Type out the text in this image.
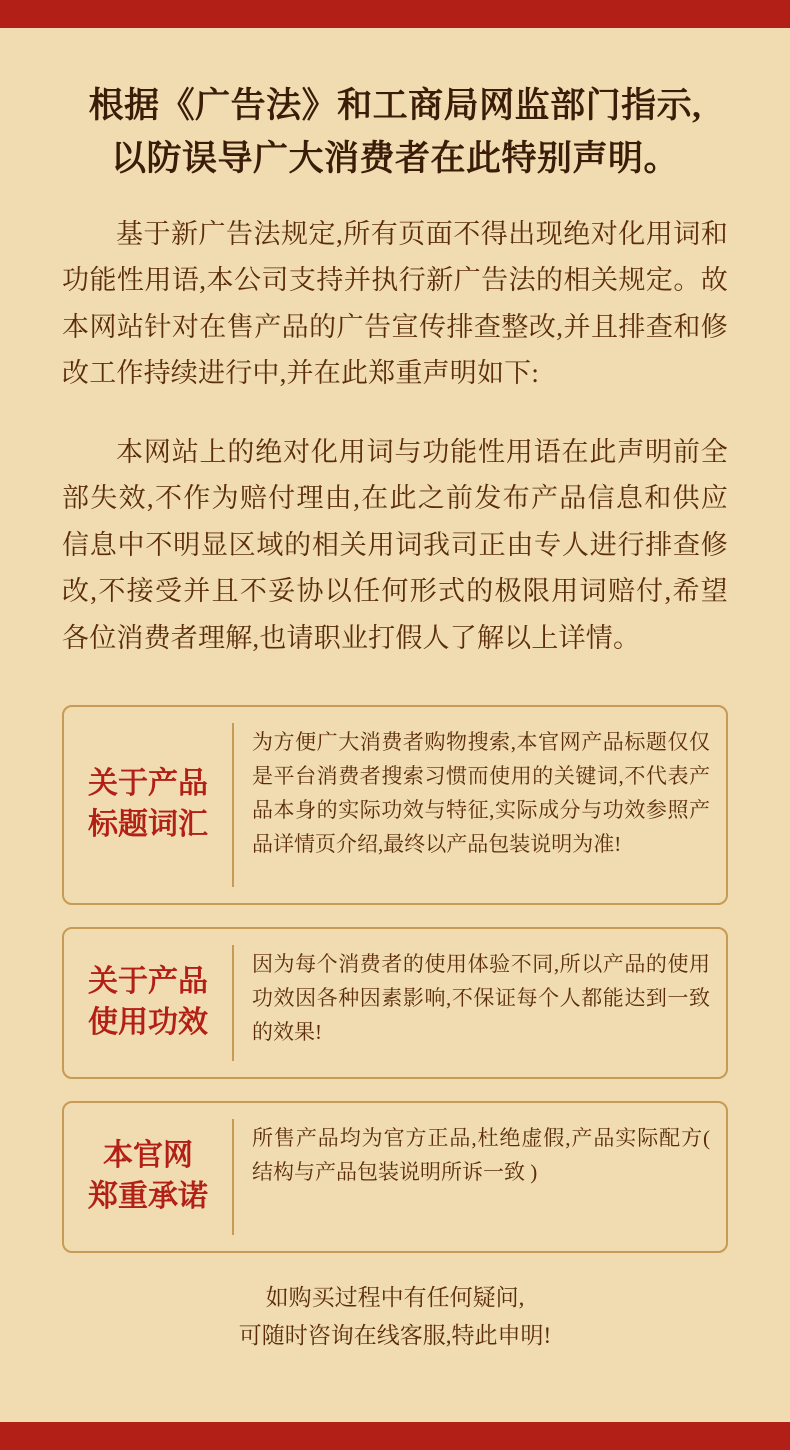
根据《广告法》和工商局网监部门指示,
以防误导广大消费者在此特别声明。

基于新广告法规定,所有页面不得出现绝对化用词和功能性用语,本公司支持并执行新广告法的相关规定。故本网站针对在售产品的广告宣传排查整改,并且排查和修改工作持续进行中,并在此郑重声明如下:

本网站上的绝对化用词与功能性用语在此声明前全部失效,不作为赔付理由,在此之前发布产品信息和供应信息中不明显区域的相关用词我司正由专人进行排查修改,不接受并且不妥协以任何形式的极限用词赔付,希望各位消费者理解,也请职业打假人了解以上详情。

关于产品
标题词汇
为方便广大消费者购物搜索,本官网产品标题仅仅是平台消费者搜索习惯而使用的关键词,不代表产品本身的实际功效与特征,实际成分与功效参照产品详情页介绍,最终以产品包装说明为准!
关于产品
使用功效
因为每个消费者的使用体验不同,所以产品的使用功效因各种因素影响,不保证每个人都能达到一致的效果!
本官网
郑重承诺
所售产品均为官方正品,杜绝虚假,产品实际配方( 结构与产品包装说明所诉一致 )
如购买过程中有任何疑问,
可随时咨询在线客服,特此申明!
